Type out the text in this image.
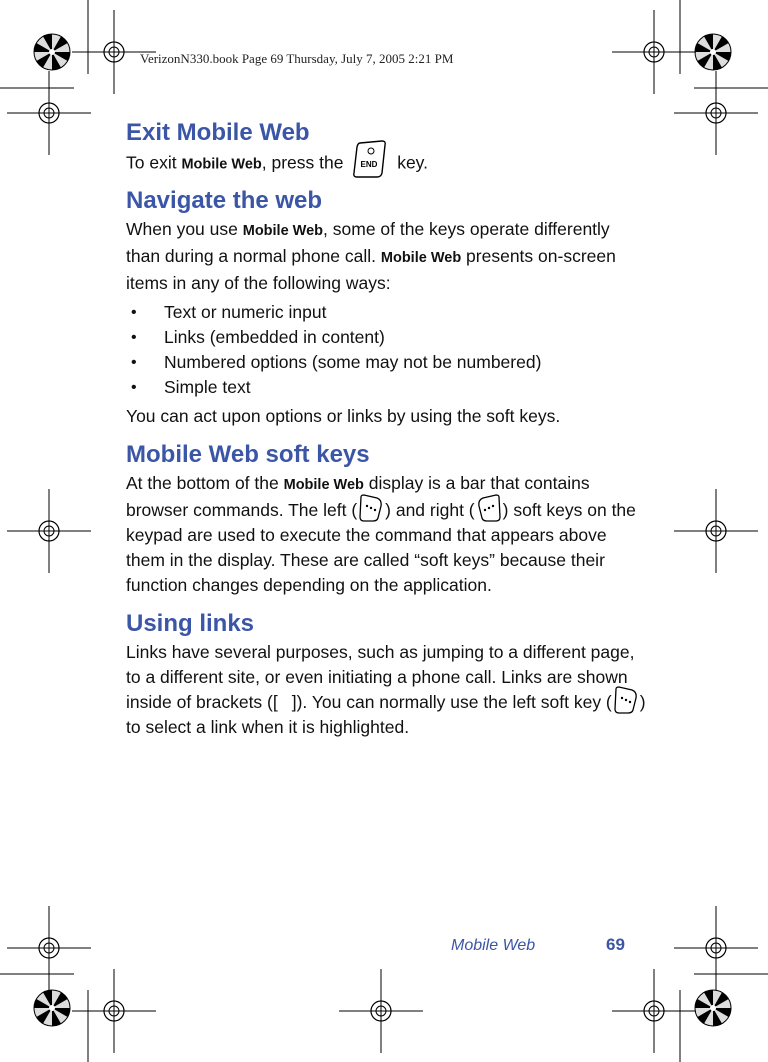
VerizonN330.book Page 69 Thursday, July 7, 2005 2:21 PM
Exit Mobile Web

To exit Mobile Web, press the END key.

Navigate the web

When you use Mobile Web, some of the keys operate differently than during a normal phone call. Mobile Web presents on-screen items in any of the following ways:

• Text or numeric input
• Links (embedded in content)
• Numbered options (some may not be numbered)
• Simple text

You can act upon options or links by using the soft keys.

Mobile Web soft keys

At the bottom of the Mobile Web display is a bar that contains browser commands. The left ( ) and right ( ) soft keys on the keypad are used to execute the command that appears above them in the display. These are called “soft keys” because their function changes depending on the application.

Using links

Links have several purposes, such as jumping to a different page, to a different site, or even initiating a phone call. Links are shown inside of brackets ([ ]). You can normally use the left soft key ( ) to select a link when it is highlighted.

Mobile Web	69
